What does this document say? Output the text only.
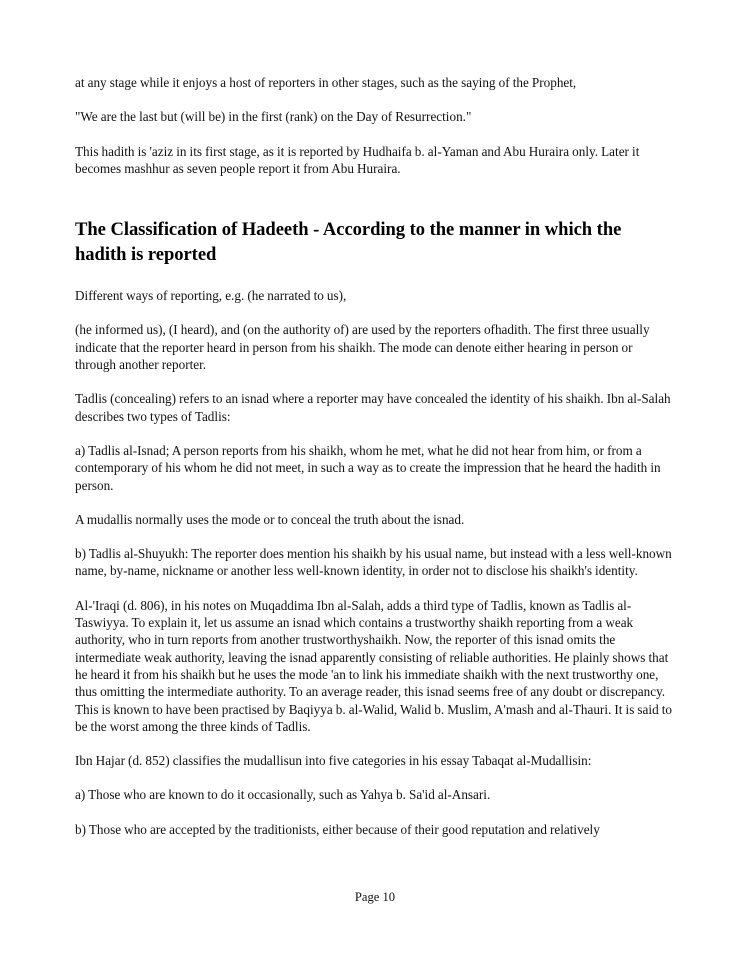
at any stage while it enjoys a host of reporters in other stages, such as the saying of the Prophet,

"We are the last but (will be) in the first (rank) on the Day of Resurrection."

This hadith is 'aziz in its first stage, as it is reported by Hudhaifa b. al-Yaman and Abu Huraira only. Later it becomes mashhur as seven people report it from Abu Huraira.

The Classification of Hadeeth - According to the manner in which the hadith is reported

Different ways of reporting, e.g. (he narrated to us),

(he informed us), (I heard), and (on the authority of) are used by the reporters ofhadith. The first three usually indicate that the reporter heard in person from his shaikh. The mode can denote either hearing in person or through another reporter.

Tadlis (concealing) refers to an isnad where a reporter may have concealed the identity of his shaikh. Ibn al-Salah describes two types of Tadlis:

a) Tadlis al-Isnad; A person reports from his shaikh, whom he met, what he did not hear from him, or from a contemporary of his whom he did not meet, in such a way as to create the impression that he heard the hadith in person.

A mudallis normally uses the mode or to conceal the truth about the isnad.

b) Tadlis al-Shuyukh: The reporter does mention his shaikh by his usual name, but instead with a less well-known name, by-name, nickname or another less well-known identity, in order not to disclose his shaikh's identity.

Al-'Iraqi (d. 806), in his notes on Muqaddima Ibn al-Salah, adds a third type of Tadlis, known as Tadlis al-Taswiyya. To explain it, let us assume an isnad which contains a trustworthy shaikh reporting from a weak authority, who in turn reports from another trustworthyshaikh. Now, the reporter of this isnad omits the intermediate weak authority, leaving the isnad apparently consisting of reliable authorities. He plainly shows that he heard it from his shaikh but he uses the mode 'an to link his immediate shaikh with the next trustworthy one, thus omitting the intermediate authority. To an average reader, this isnad seems free of any doubt or discrepancy. This is known to have been practised by Baqiyya b. al-Walid, Walid b. Muslim, A'mash and al-Thauri. It is said to be the worst among the three kinds of Tadlis.

Ibn Hajar (d. 852) classifies the mudallisun into five categories in his essay Tabaqat al-Mudallisin:

a) Those who are known to do it occasionally, such as Yahya b. Sa'id al-Ansari.

b) Those who are accepted by the traditionists, either because of their good reputation and relatively

Page 10
